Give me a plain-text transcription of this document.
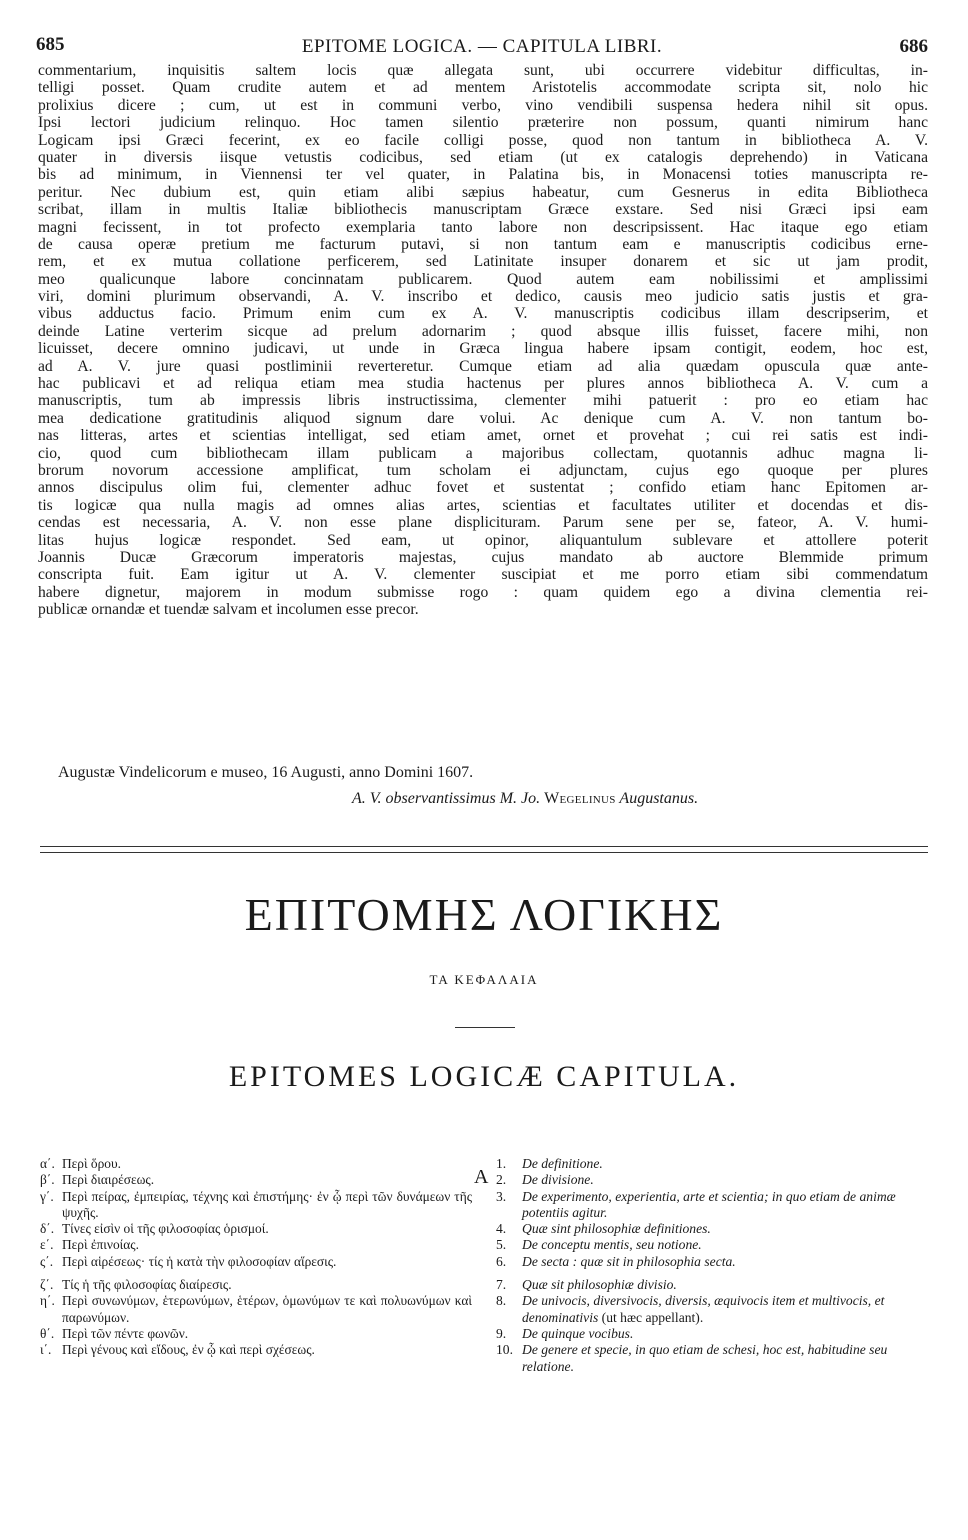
685	EPITOME LOGICA. — CAPITULA LIBRI.	686
commentarium, inquisitis saltem locis quæ allegata sunt, ubi occurrere videbitur difficultas, in-
telligi posset. Quam crudite autem et ad mentem Aristotelis accommodate scripta sit, nolo hic
prolixius dicere ; cum, ut est in communi verbo, vino vendibili suspensa hedera nihil sit opus.
Ipsi lectori judicium relinquo. Hoc tamen silentio præterire non possum, quanti nimirum hanc
Logicam ipsi Græci fecerint, ex eo facile colligi posse, quod non tantum in bibliotheca A. V.
quater in diversis iisque vetustis codicibus, sed etiam (ut ex catalogis deprehendo) in Vaticana
bis ad minimum, in Viennensi ter vel quater, in Palatina bis, in Monacensi toties manuscripta re-
peritur. Nec dubium est, quin etiam alibi sæpius habeatur, cum Gesnerus in edita Bibliotheca
scribat, illam in multis Italiæ bibliothecis manuscriptam Græce exstare. Sed nisi Græci ipsi eam
magni fecissent, in tot profecto exemplaria tanto labore non descripsissent. Hac itaque ego etiam
de causa operæ pretium me facturum putavi, si non tantum eam e manuscriptis codicibus erne-
rem, et ex mutua collatione perficerem, sed Latinitate insuper donarem et sic ut jam prodit,
meo qualicunque labore concinnatam publicarem. Quod autem eam nobilissimi et amplissimi
viri, domini plurimum observandi, A. V. inscribo et dedico, causis meo judicio satis justis et gra-
vibus adductus facio. Primum enim cum ex A. V. manuscriptis codicibus illam descripserim, et
deinde Latine verterim sicque ad prelum adornarim ; quod absque illis fuisset, facere mihi, non
licuisset, decere omnino judicavi, ut unde in Græca lingua habere ipsam contigit, eodem, hoc est,
ad A. V. jure quasi postliminii reverteretur. Cumque etiam ad alia quædam opuscula quæ ante-
hac publicavi et ad reliqua etiam mea studia hactenus per plures annos bibliotheca A. V. cum a
manuscriptis, tum ab impressis libris instructissima, clementer mihi patuerit : pro eo etiam hac
mea dedicatione gratitudinis aliquod signum dare volui. Ac denique cum A. V. non tantum bo-
nas litteras, artes et scientias intelligat, sed etiam amet, ornet et provehat ; cui rei satis est indi-
cio, quod cum bibliothecam illam publicam a majoribus collectam, quotannis adhuc magna li-
brorum novorum accessione amplificat, tum scholam ei adjunctam, cujus ego quoque per plures
annos discipulus olim fui, clementer adhuc fovet et sustentat ; confido etiam hanc Epitomen ar-
tis logicæ qua nulla magis ad omnes alias artes, scientias et facultates utiliter et docendas et dis-
cendas est necessaria, A. V. non esse plane displicituram. Parum sene per se, fateor, A. V. humi-
litas hujus logicæ respondet. Sed eam, ut opinor, aliquantulum sublevare et attollere poterit
Joannis Ducæ Græcorum imperatoris majestas, cujus mandato ab auctore Blemmide primum
conscripta fuit. Eam igitur ut A. V. clementer suscipiat et me porro etiam sibi commendatum
habere dignetur, majorem in modum submisse rogo : quam quidem ego a divina clementia rei-
publicæ ornandæ et tuendæ salvam et incolumen esse precor.
Augustæ Vindelicorum e museo, 16 Augusti, anno Domini 1607.
A. V. observantissimus M. Jo. Wegelinus Augustanus.
ΕΠΙΤΟΜΗΣ ΛΟΓΙΚΗΣ
ΤΑ ΚΕΦΑΛΑΙΑ
EPITOMES LOGICÆ CAPITULA.
A
α΄. Περὶ ὅρου.
β΄. Περὶ διαιρέσεως.
γ΄. Περὶ πείρας, ἐμπειρίας, τέχνης καὶ ἐπιστήμης· ἐν ᾧ περὶ τῶν δυνάμεων τῆς ψυχῆς.
δ΄. Τίνες εἰσὶν οἱ τῆς φιλοσοφίας ὁρισμοί.
ε΄. Περὶ ἐπινοίας.
ς΄. Περὶ αἱρέσεως· τίς ἡ κατὰ τὴν φιλοσοφίαν αἵρεσις.
ζ΄. Τίς ἡ τῆς φιλοσοφίας διαίρεσις.
η΄. Περὶ συνωνύμων, ἑτερωνύμων, ἑτέρων, ὁμωνύμων τε καὶ πολυωνύμων καὶ παρωνύμων.
θ΄. Περὶ τῶν πέντε φωνῶν.
ι΄. Περὶ γένους καὶ εἴδους, ἐν ᾧ καὶ περὶ σχέσεως.
1. De definitione.
2. De divisione.
3. De experimento, experientia, arte et scientia; in quo etiam de animæ potentiis agitur.
4. Quæ sint philosophiæ definitiones.
5. De conceptu mentis, seu notione.
6. De secta : quæ sit in philosophia secta.
7. Quæ sit philosophiæ divisio.
8. De univocis, diversivocis, diversis, æquivocis item et multivocis, et denominativis (ut hæc appellant).
9. De quinque vocibus.
10. De genere et specie, in quo etiam de schesi, hoc est, habitudine seu relatione.
